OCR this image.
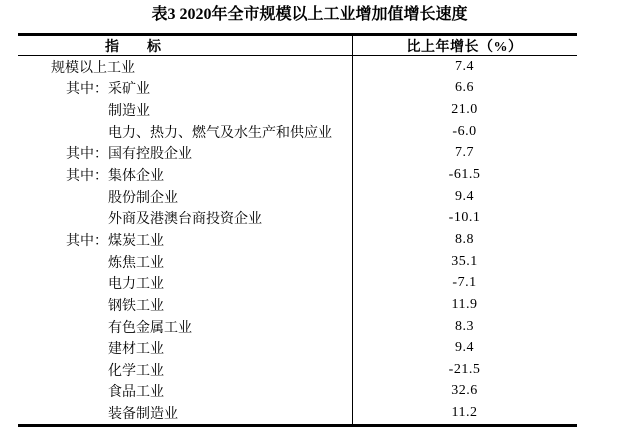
表3 2020年全市规模以上工业增加值增长速度
指　　标	比上年增长（%）
规模以上工业	7.4
其中：采矿业	6.6
制造业	21.0
电力、热力、燃气及水生产和供应业	-6.0
其中：国有控股企业	7.7
其中：集体企业	-61.5
股份制企业	9.4
外商及港澳台商投资企业	-10.1
其中：煤炭工业	8.8
炼焦工业	35.1
电力工业	-7.1
钢铁工业	11.9
有色金属工业	8.3
建材工业	9.4
化学工业	-21.5
食品工业	32.6
装备制造业	11.2
